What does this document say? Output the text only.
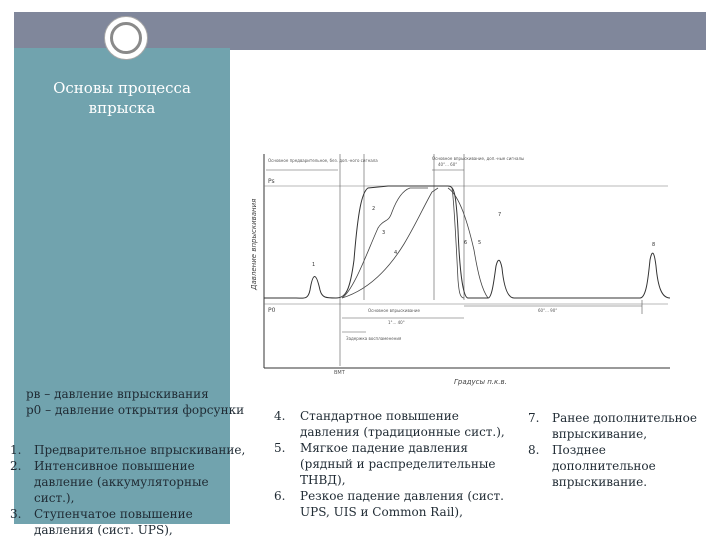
Основы процесса
впрыска
Давление впрыскивания
Градусы п.к.в.
Ps
P0
Основное предварительное, без. доп.-ного сигнала	Основное впрыскивание, доп.-ные сигналы
40°... 60°
Основное впрыскивание
1°... 40°
Задержка воспламенения
60°... 90°
ВМТ
1
2
3
4
5
6
7
8
рв – давление впрыскивания
р0 – давление открытия форсунки
1. Предварительное впрыскивание,
2. Интенсивное повышение давление (аккумуляторные сист.),
3. Ступенчатое повышение давления (сист. UPS),
4. Стандартное повышение давления (традиционные сист.),
5. Мягкое падение давления (рядный и распределительные ТНВД),
6. Резкое падение давления (сист. UPS, UIS и Common Rail),
7. Ранее дополнительное впрыскивание,
8. Позднее дополнительное впрыскивание.
